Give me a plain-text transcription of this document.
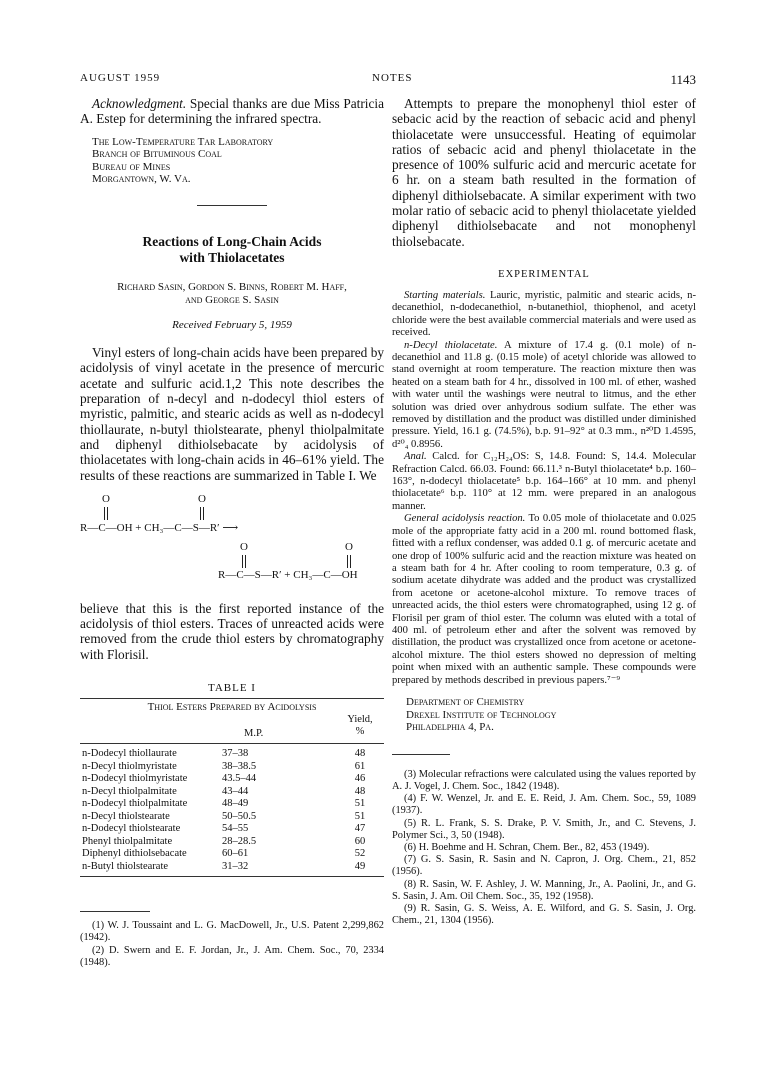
AUGUST 1959	NOTES	1143

Acknowledgment. Special thanks are due Miss Patricia A. Estep for determining the infrared spectra.

The Low-Temperature Tar Laboratory
Branch of Bituminous Coal
Bureau of Mines
Morgantown, W. Va.
Reactions of Long-Chain Acids
with Thiolacetates
Richard Sasin, Gordon S. Binns, Robert M. Haff,
and George S. Sasin
Received February 5, 1959

Vinyl esters of long-chain acids have been prepared by acidolysis of vinyl acetate in the presence of mercuric acetate and sulfuric acid.1,2 This note describes the preparation of n-decyl and n-dodecyl thiol esters of myristic, palmitic, and stearic acids as well as n-dodecyl thiollaurate, n-butyl thiolstearate, phenyl thiolpalmitate and diphenyl dithiolsebacate by acidolysis of thiolacetates with long-chain acids in 46–61% yield. The results of these reactions are summarized in Table I. We

O	O
R—C—OH + CH₃—C—S—R′ ⟶
O	O
R—C—S—R′ + CH₃—C—OH

believe that this is the first reported instance of the acidolysis of thiol esters. Traces of unreacted acids were removed from the crude thiol esters by chromatography with Florisil.

TABLE I
Thiol Esters Prepared by Acidolysis
	M.P.	Yield,
%

n-Dodecyl thiollaurate	37–38	48
n-Decyl thiolmyristate	38–38.5	61
n-Dodecyl thiolmyristate	43.5–44	46
n-Decyl thiolpalmitate	43–44	48
n-Dodecyl thiolpalmitate	48–49	51
n-Decyl thiolstearate	50–50.5	51
n-Dodecyl thiolstearate	54–55	47
Phenyl thiolpalmitate	28–28.5	60
Diphenyl dithiolsebacate	60–61	52
n-Butyl thiolstearate	31–32	49

(1) W. J. Toussaint and L. G. MacDowell, Jr., U.S. Patent 2,299,862 (1942).

(2) D. Swern and E. F. Jordan, Jr., J. Am. Chem. Soc., 70, 2334 (1948).

Attempts to prepare the monophenyl thiol ester of sebacic acid by the reaction of sebacic acid and phenyl thiolacetate were unsuccessful. Heating of equimolar ratios of sebacic acid and phenyl thiolacetate in the presence of 100% sulfuric acid and mercuric acetate for 6 hr. on a steam bath resulted in the formation of diphenyl dithiolsebacate. A similar experiment with two molar ratio of sebacic acid to phenyl thiolacetate yielded diphenyl dithiolsebacate and not monophenyl thiolsebacate.

EXPERIMENTAL

Starting materials. Lauric, myristic, palmitic and stearic acids, n-decanethiol, n-dodecanethiol, n-butanethiol, thiophenol, and acetyl chloride were the best available commercial materials and were used as received.

n-Decyl thiolacetate. A mixture of 17.4 g. (0.1 mole) of n-decanethiol and 11.8 g. (0.15 mole) of acetyl chloride was allowed to stand overnight at room temperature. The reaction mixture then was heated on a steam bath for 4 hr., dissolved in 100 ml. of ether, washed with water until the washings were neutral to litmus, and the ether solution was dried over anhydrous sodium sulfate. The ether was removed by distillation and the product was distilled under diminished pressure. Yield, 16.1 g. (74.5%), b.p. 91–92° at 0.3 mm., n²⁰D 1.4595, d²⁰₄ 0.8956.

Anal. Calcd. for C₁₂H₂₄OS: S, 14.8. Found: S, 14.4. Molecular Refraction Calcd. 66.03. Found: 66.11.³ n-Butyl thiolacetate⁴ b.p. 160–163°, n-dodecyl thiolacetate⁵ b.p. 164–166° at 10 mm. and phenyl thiolacetate⁶ b.p. 110° at 12 mm. were prepared in an analogous manner.

General acidolysis reaction. To 0.05 mole of thiolacetate and 0.025 mole of the appropriate fatty acid in a 200 ml. round bottomed flask, fitted with a reflux condenser, was added 0.1 g. of mercuric acetate and one drop of 100% sulfuric acid and the reaction mixture was heated on a steam bath for 4 hr. After cooling to room temperature, 0.3 g. of sodium acetate dihydrate was added and the product was crystallized from acetone or acetone-alcohol mixture. To remove traces of unreacted acids, the thiol esters were chromatographed, using 12 g. of Florisil per gram of thiol ester. The column was eluted with a total of 400 ml. of petroleum ether and after the solvent was removed by distillation, the product was crystallized once from acetone or acetone-alcohol mixture. The thiol esters showed no depression of melting point when mixed with an authentic sample. These compounds were prepared by methods described in previous papers.⁷⁻⁹

Department of Chemistry
Drexel Institute of Technology
Philadelphia 4, Pa.

(3) Molecular refractions were calculated using the values reported by A. J. Vogel, J. Chem. Soc., 1842 (1948).

(4) F. W. Wenzel, Jr. and E. E. Reid, J. Am. Chem. Soc., 59, 1089 (1937).

(5) R. L. Frank, S. S. Drake, P. V. Smith, Jr., and C. Stevens, J. Polymer Sci., 3, 50 (1948).

(6) H. Boehme and H. Schran, Chem. Ber., 82, 453 (1949).

(7) G. S. Sasin, R. Sasin and N. Capron, J. Org. Chem., 21, 852 (1956).

(8) R. Sasin, W. F. Ashley, J. W. Manning, Jr., A. Paolini, Jr., and G. S. Sasin, J. Am. Oil Chem. Soc., 35, 192 (1958).

(9) R. Sasin, G. S. Weiss, A. E. Wilford, and G. S. Sasin, J. Org. Chem., 21, 1304 (1956).
